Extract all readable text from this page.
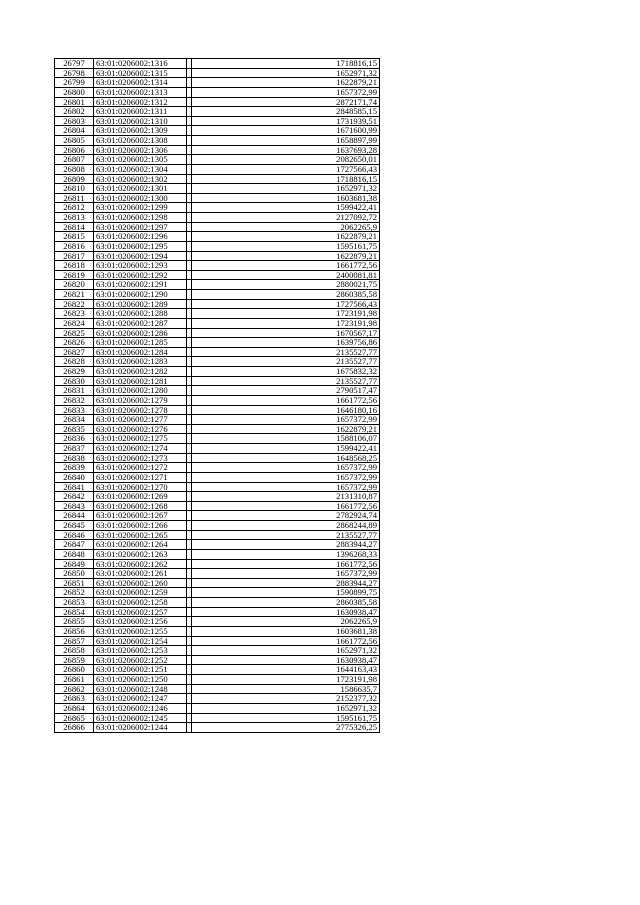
26797	63:01:0206002:1316		1718816,15
26798	63:01:0206002:1315		1652971,32
26799	63:01:0206002:1314		1622879,21
26800	63:01:0206002:1313		1657372,99
26801	63:01:0206002:1312		2872171,74
26802	63:01:0206002:1311		2848585,15
26803	63:01:0206002:1310		1731939,51
26804	63:01:0206002:1309		1671600,99
26805	63:01:0206002:1308		1658897,99
26806	63:01:0206002:1306		1637693,28
26807	63:01:0206002:1305		2082650,01
26808	63:01:0206002:1304		1727566,43
26809	63:01:0206002:1302		1718816,15
26810	63:01:0206002:1301		1652971,32
26811	63:01:0206002:1300		1603681,38
26812	63:01:0206002:1299		1599422,41
26813	63:01:0206002:1298		2127092,72
26814	63:01:0206002:1297		2062265,9
26815	63:01:0206002:1296		1622879,21
26816	63:01:0206002:1295		1595161,75
26817	63:01:0206002:1294		1622879,21
26818	63:01:0206002:1293		1661772,56
26819	63:01:0206002:1292		2400081,81
26820	63:01:0206002:1291		2880021,75
26821	63:01:0206002:1290		2860385,58
26822	63:01:0206002:1289		1727566,43
26823	63:01:0206002:1288		1723191,98
26824	63:01:0206002:1287		1723191,98
26825	63:01:0206002:1286		1670567,17
26826	63:01:0206002:1285		1639756,86
26827	63:01:0206002:1284		2135527,77
26828	63:01:0206002:1283		2135527,77
26829	63:01:0206002:1282		1675832,32
26830	63:01:0206002:1281		2135527,77
26831	63:01:0206002:1280		2790517,47
26832	63:01:0206002:1279		1661772,56
26833	63:01:0206002:1278		1646180,16
26834	63:01:0206002:1277		1657372,99
26835	63:01:0206002:1276		1622879,21
26836	63:01:0206002:1275		1588106,07
26837	63:01:0206002:1274		1599422,41
26838	63:01:0206002:1273		1648568,25
26839	63:01:0206002:1272		1657372,99
26840	63:01:0206002:1271		1657372,99
26841	63:01:0206002:1270		1657372,99
26842	63:01:0206002:1269		2131310,87
26843	63:01:0206002:1268		1661772,56
26844	63:01:0206002:1267		2782924,74
26845	63:01:0206002:1266		2868244,89
26846	63:01:0206002:1265		2135527,77
26847	63:01:0206002:1264		2883944,27
26848	63:01:0206002:1263		1396268,33
26849	63:01:0206002:1262		1661772,56
26850	63:01:0206002:1261		1657372,99
26851	63:01:0206002:1260		2883944,27
26852	63:01:0206002:1259		1590899,75
26853	63:01:0206002:1258		2860385,58
26854	63:01:0206002:1257		1630938,47
26855	63:01:0206002:1256		2062265,9
26856	63:01:0206002:1255		1603681,38
26857	63:01:0206002:1254		1661772,56
26858	63:01:0206002:1253		1652971,32
26859	63:01:0206002:1252		1630938,47
26860	63:01:0206002:1251		1644163,43
26861	63:01:0206002:1250		1723191,98
26862	63:01:0206002:1248		1586635,7
26863	63:01:0206002:1247		2152377,32
26864	63:01:0206002:1246		1652971,32
26865	63:01:0206002:1245		1595161,75
26866	63:01:0206002:1244		2775326,25
